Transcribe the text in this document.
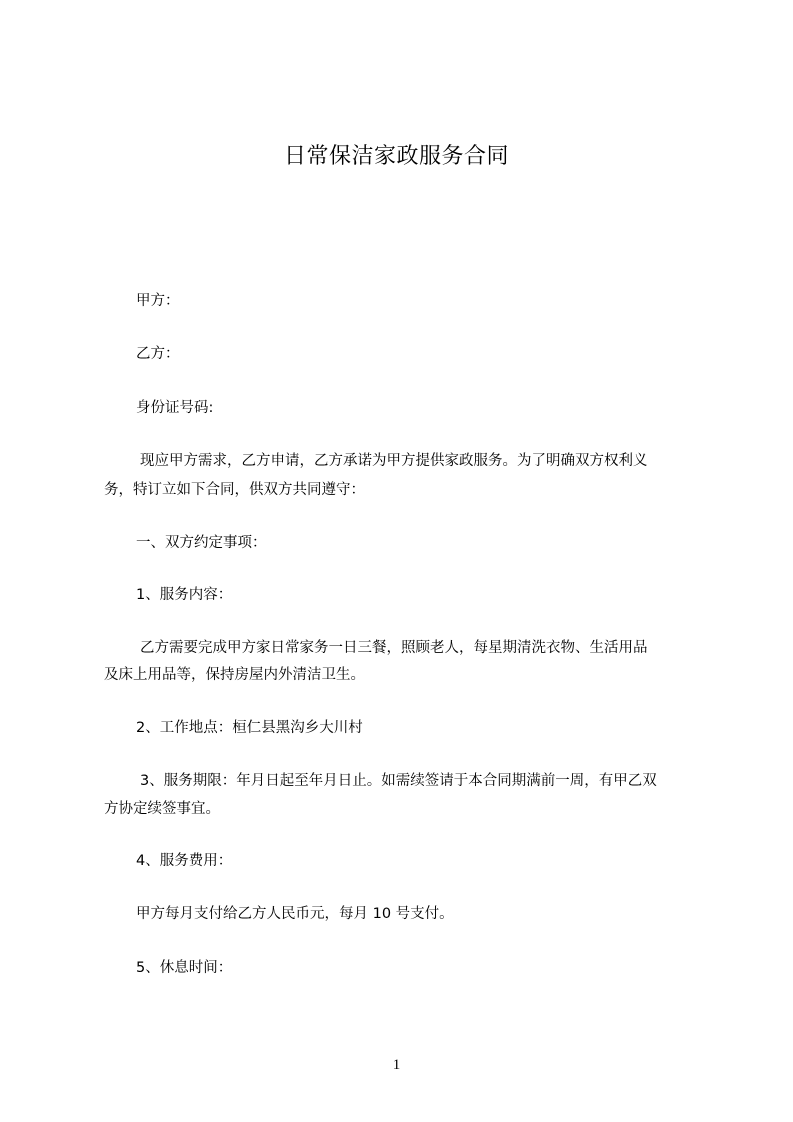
日常保洁家政服务合同
甲方：
乙方：
身份证号码:
现应甲方需求，乙方申请，乙方承诺为甲方提供家政服务。为了明确双方权利义
务，特订立如下合同，供双方共同遵守：
一、双方约定事项：
1、服务内容：
乙方需要完成甲方家日常家务一日三餐，照顾老人，每星期清洗衣物、生活用品
及床上用品等，保持房屋内外清洁卫生。
2、工作地点：桓仁县黑沟乡大川村
3、服务期限：年月日起至年月日止。如需续签请于本合同期满前一周，有甲乙双
方协定续签事宜。
4、服务费用：
甲方每月支付给乙方人民币元，每月 10 号支付。
5、休息时间：
1
